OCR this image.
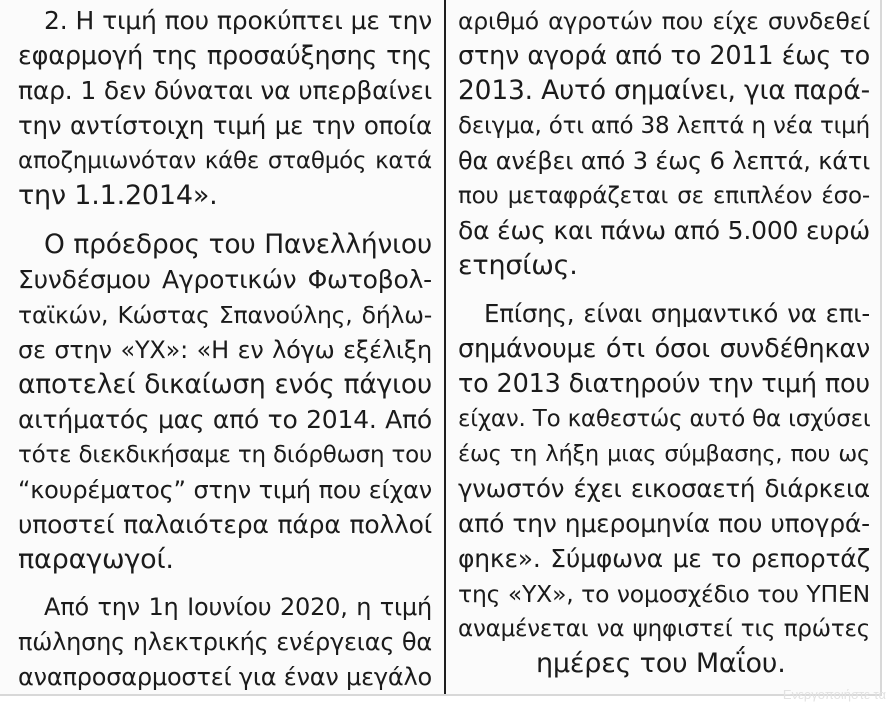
2. Η τιμή που προκύπτει με την
εφαρμογή της προσαύξησης της
παρ. 1 δεν δύναται να υπερβαίνει
την αντίστοιχη τιμή με την οποία
αποζημιωνόταν κάθε σταθμός κατά
την 1.1.2014».
Ο πρόεδρος του Πανελλήνιου
Συνδέσμου Αγροτικών Φωτοβολ-
ταϊκών, Κώστας Σπανούλης, δήλω-
σε στην «ΥΧ»: «Η εν λόγω εξέλιξη
αποτελεί δικαίωση ενός πάγιου
αιτήματός μας από το 2014. Από
τότε διεκδικήσαμε τη διόρθωση του
“κουρέματος” στην τιμή που είχαν
υποστεί παλαιότερα πάρα πολλοί
παραγωγοί.
Από την 1η Ιουνίου 2020, η τιμή
πώλησης ηλεκτρικής ενέργειας θα
αναπροσαρμοστεί για έναν μεγάλο
αριθμό αγροτών που είχε συνδεθεί
στην αγορά από το 2011 έως το
2013. Αυτό σημαίνει, για παρά-
δειγμα, ότι από 38 λεπτά η νέα τιμή
θα ανέβει από 3 έως 6 λεπτά, κάτι
που μεταφράζεται σε επιπλέον έσο-
δα έως και πάνω από 5.000 ευρώ
ετησίως.
Επίσης, είναι σημαντικό να επι-
σημάνουμε ότι όσοι συνδέθηκαν
το 2013 διατηρούν την τιμή που
είχαν. Το καθεστώς αυτό θα ισχύσει
έως τη λήξη μιας σύμβασης, που ως
γνωστόν έχει εικοσαετή διάρκεια
από την ημερομηνία που υπογρά-
φηκε». Σύμφωνα με το ρεπορτάζ
της «ΥΧ», το νομοσχέδιο του ΥΠΕΝ
αναμένεται να ψηφιστεί τις πρώτες
ημέρες του Μαΐου.
Ενεργοποιήστε τα
